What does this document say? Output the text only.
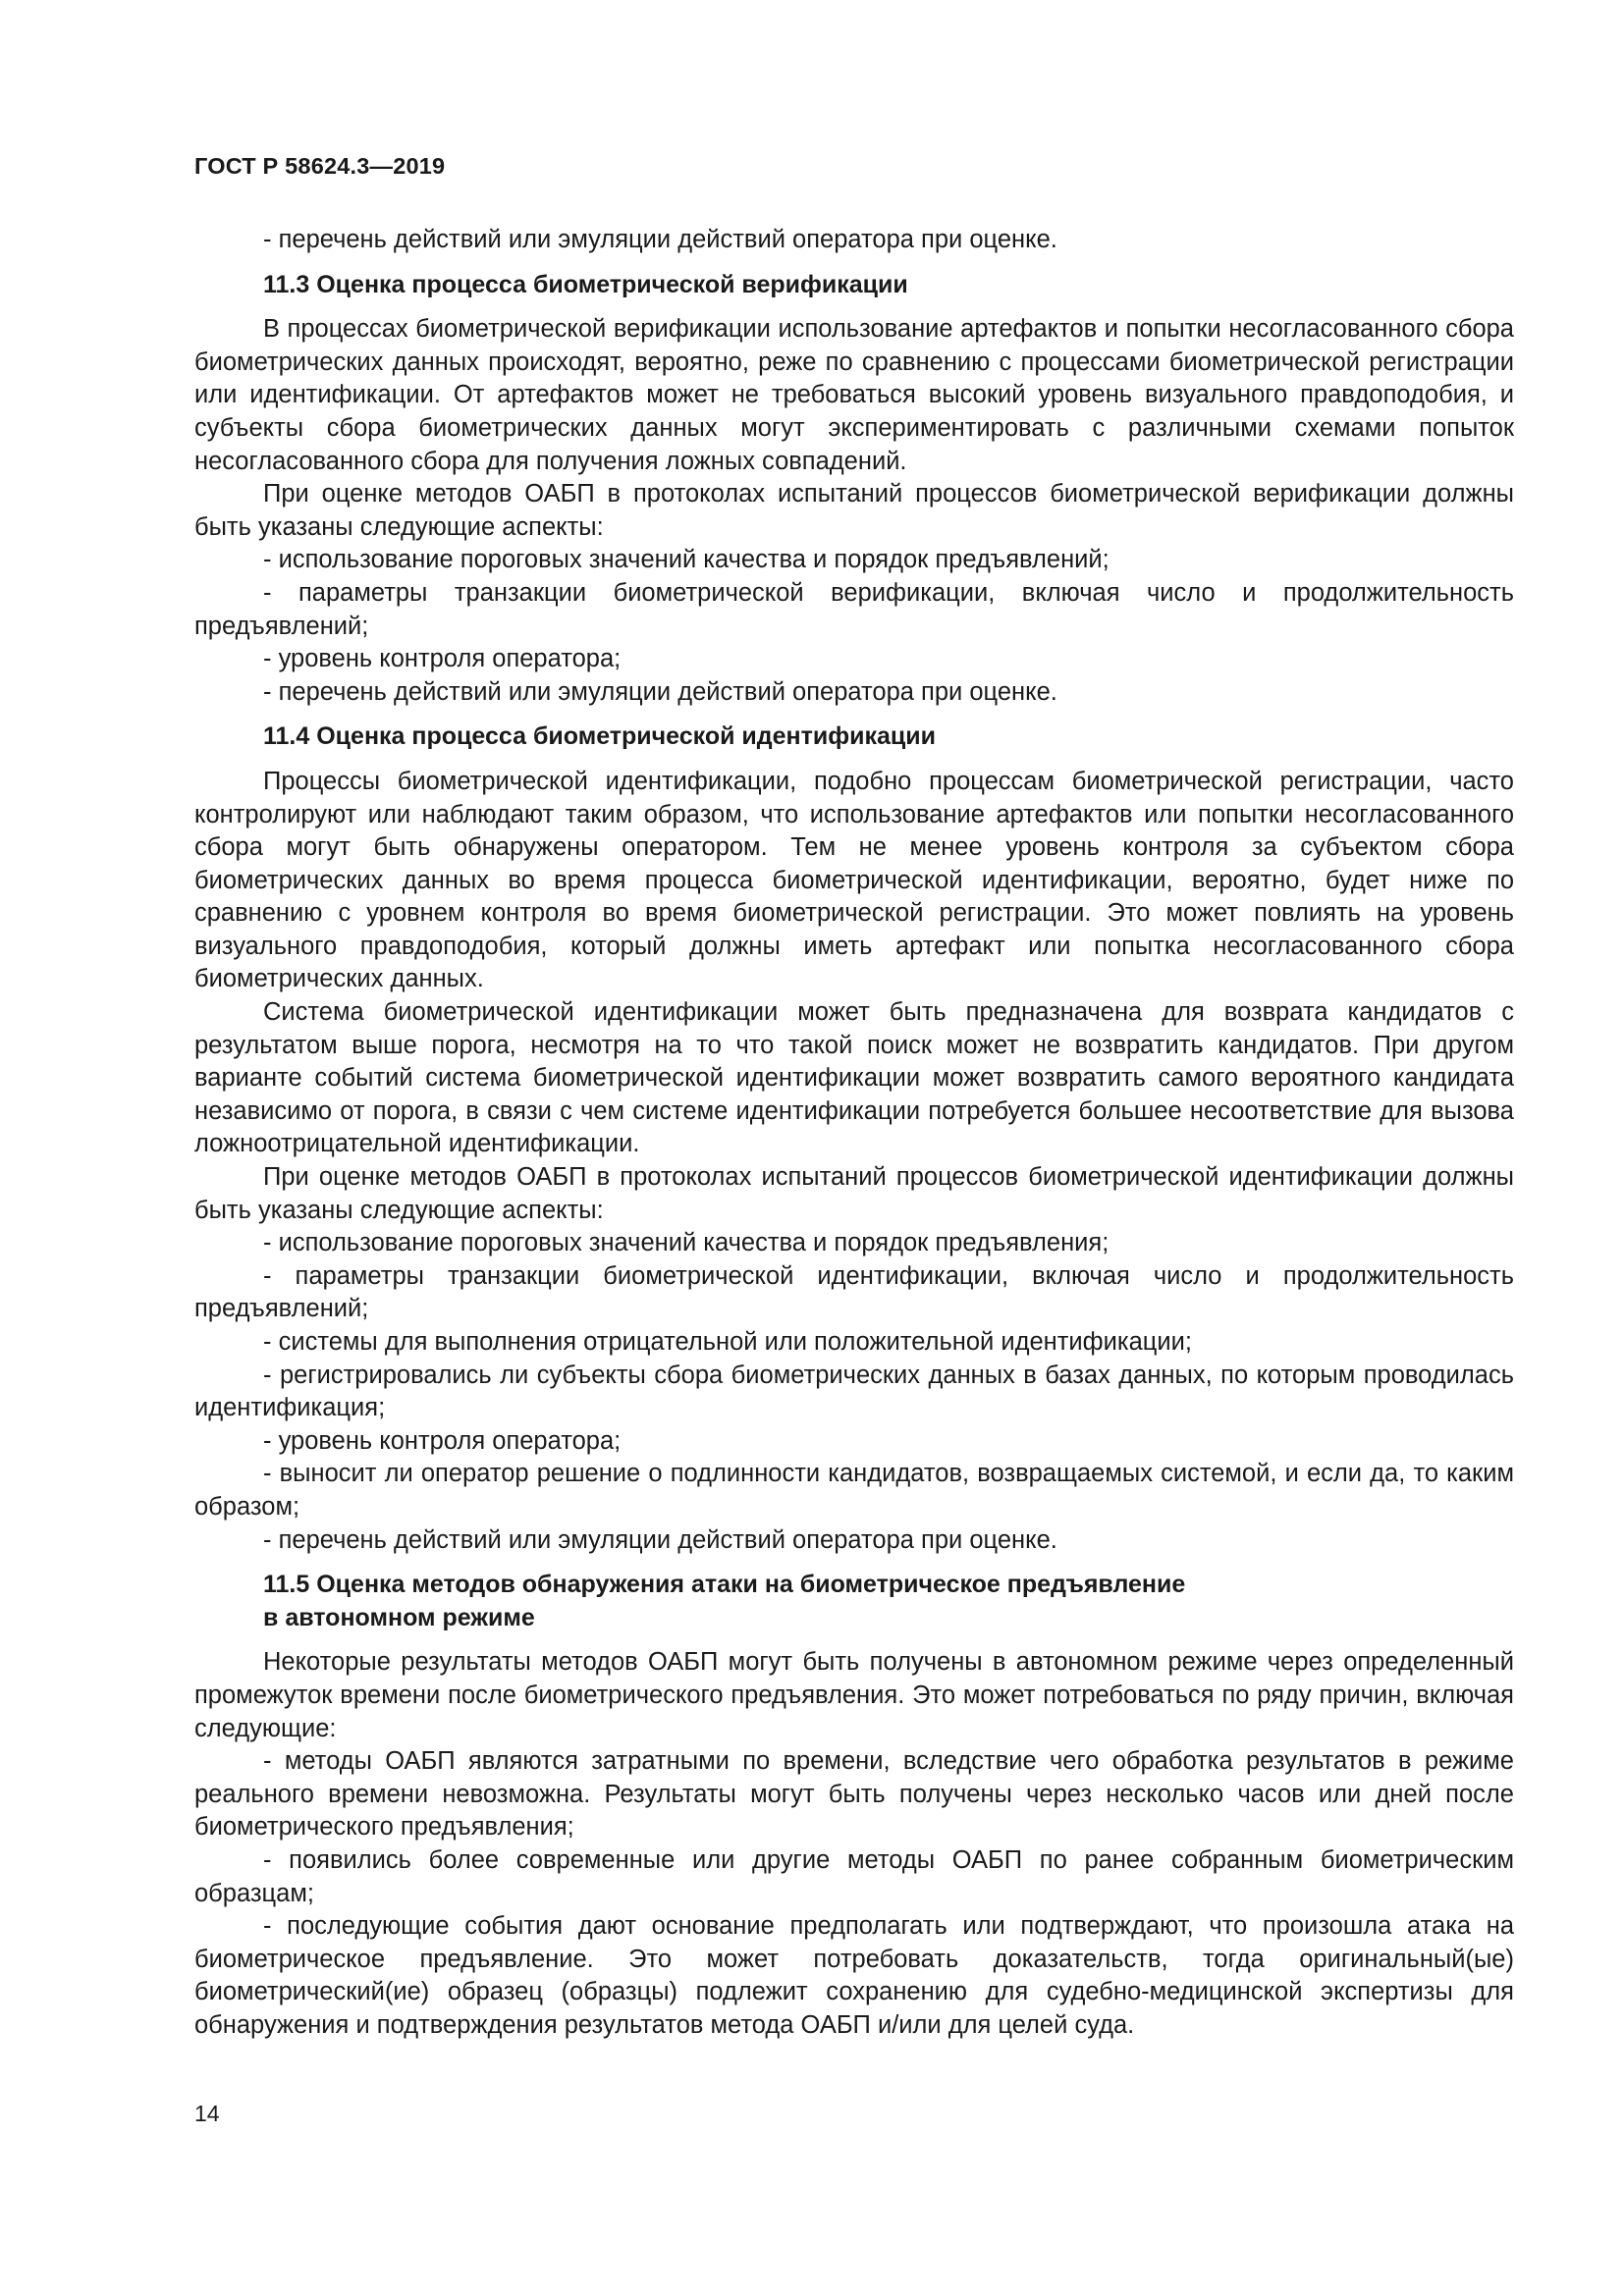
ГОСТ Р 58624.3—2019

- перечень действий или эмуляции действий оператора при оценке.

11.3 Оценка процесса биометрической верификации

В процессах биометрической верификации использование артефактов и попытки несогласованного сбора биометрических данных происходят, вероятно, реже по сравнению с процессами биометрической регистрации или идентификации. От артефактов может не требоваться высокий уровень визуального правдоподобия, и субъекты сбора биометрических данных могут экспериментировать с различными схемами попыток несогласованного сбора для получения ложных совпадений.

При оценке методов ОАБП в протоколах испытаний процессов биометрической верификации должны быть указаны следующие аспекты:

- использование пороговых значений качества и порядок предъявлений;

- параметры транзакции биометрической верификации, включая число и продолжительность предъявлений;

- уровень контроля оператора;

- перечень действий или эмуляции действий оператора при оценке.

11.4 Оценка процесса биометрической идентификации

Процессы биометрической идентификации, подобно процессам биометрической регистрации, часто контролируют или наблюдают таким образом, что использование артефактов или попытки несогласованного сбора могут быть обнаружены оператором. Тем не менее уровень контроля за субъектом сбора биометрических данных во время процесса биометрической идентификации, вероятно, будет ниже по сравнению с уровнем контроля во время биометрической регистрации. Это может повлиять на уровень визуального правдоподобия, который должны иметь артефакт или попытка несогласованного сбора биометрических данных.

Система биометрической идентификации может быть предназначена для возврата кандидатов с результатом выше порога, несмотря на то что такой поиск может не возвратить кандидатов. При другом варианте событий система биометрической идентификации может возвратить самого вероятного кандидата независимо от порога, в связи с чем системе идентификации потребуется большее несоответствие для вызова ложноотрицательной идентификации.

При оценке методов ОАБП в протоколах испытаний процессов биометрической идентификации должны быть указаны следующие аспекты:

- использование пороговых значений качества и порядок предъявления;

- параметры транзакции биометрической идентификации, включая число и продолжительность предъявлений;

- системы для выполнения отрицательной или положительной идентификации;

- регистрировались ли субъекты сбора биометрических данных в базах данных, по которым проводилась идентификация;

- уровень контроля оператора;

- выносит ли оператор решение о подлинности кандидатов, возвращаемых системой, и если да, то каким образом;

- перечень действий или эмуляции действий оператора при оценке.

11.5 Оценка методов обнаружения атаки на биометрическое предъявление
в автономном режиме

Некоторые результаты методов ОАБП могут быть получены в автономном режиме через определенный промежуток времени после биометрического предъявления. Это может потребоваться по ряду причин, включая следующие:

- методы ОАБП являются затратными по времени, вследствие чего обработка результатов в режиме реального времени невозможна. Результаты могут быть получены через несколько часов или дней после биометрического предъявления;

- появились более современные или другие методы ОАБП по ранее собранным биометрическим образцам;

- последующие события дают основание предполагать или подтверждают, что произошла атака на биометрическое предъявление. Это может потребовать доказательств, тогда оригинальный(ые) биометрический(ие) образец (образцы) подлежит сохранению для судебно-медицинской экспертизы для обнаружения и подтверждения результатов метода ОАБП и/или для целей суда.

14
